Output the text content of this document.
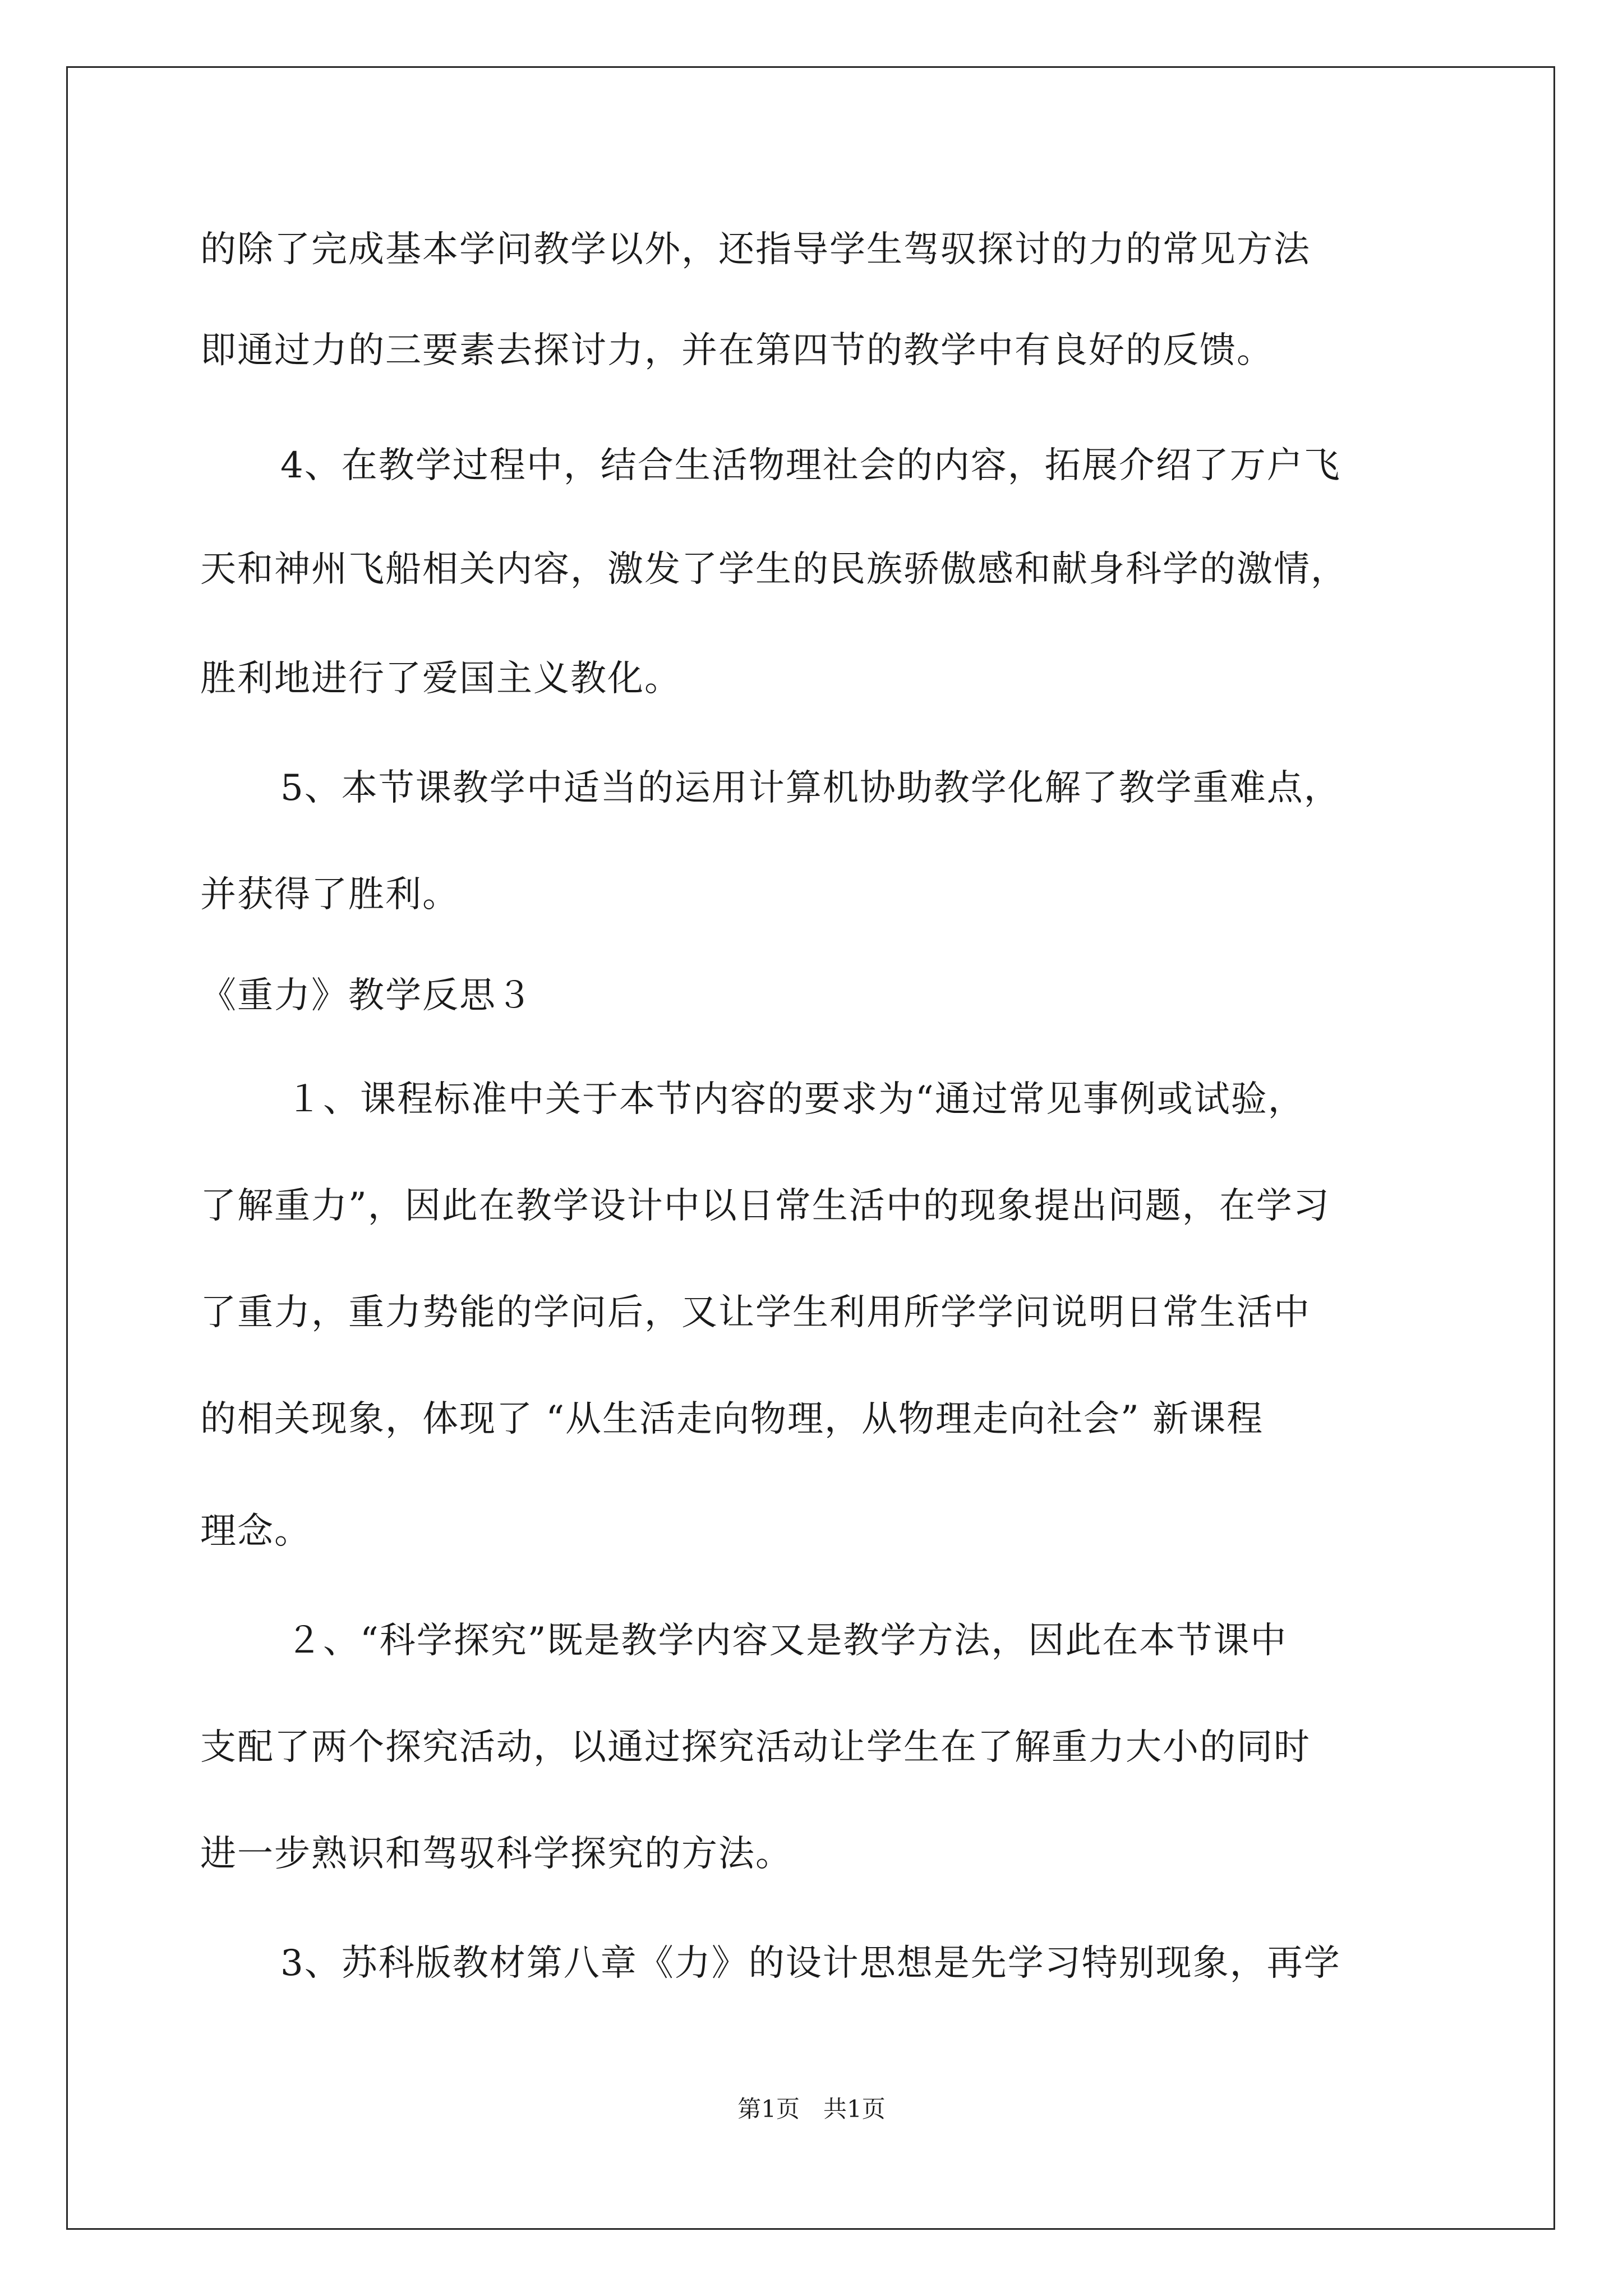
的除了完成基本学问教学以外，还指导学生驾驭探讨的力的常见方法

即通过力的三要素去探讨力，并在第四节的教学中有良好的反馈。

4、在教学过程中，结合生活物理社会的内容，拓展介绍了万户飞

天和神州飞船相关内容，激发了学生的民族骄傲感和献身科学的激情，

胜利地进行了爱国主义教化。

5、本节课教学中适当的运用计算机协助教学化解了教学重难点，

并获得了胜利。

《重力》教学反思３

１、课程标准中关于本节内容的要求为“通过常见事例或试验，

了解重力”，因此在教学设计中以日常生活中的现象提出问题，在学习

了重力，重力势能的学问后，又让学生利用所学学问说明日常生活中

的相关现象，体现了 “从生活走向物理，从物理走向社会” 新课程

理念。

２、“科学探究”既是教学内容又是教学方法，因此在本节课中

支配了两个探究活动，以通过探究活动让学生在了解重力大小的同时

进一步熟识和驾驭科学探究的方法。

3、苏科版教材第八章《力》的设计思想是先学习特别现象，再学

第1页　共1页
